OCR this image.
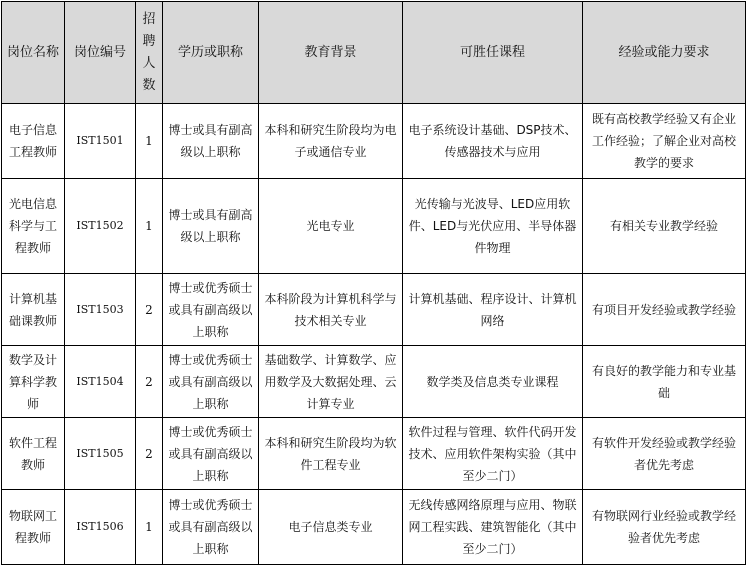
岗位名称	岗位编号	招聘人数	学历或职称	教育背景	可胜任课程	经验或能力要求
电子信息工程教师	IST1501	1	博士或具有副高级以上职称	本科和研究生阶段均为电子或通信专业	电子系统设计基础、DSP技术、传感器技术与应用	既有高校教学经验又有企业工作经验；了解企业对高校教学的要求
光电信息科学与工程教师	IST1502	1	博士或具有副高级以上职称	光电专业	光传输与光波导、LED应用软件、LED与光伏应用、半导体器件物理	有相关专业教学经验
计算机基础课教师	IST1503	2	博士或优秀硕士或具有副高级以上职称	本科阶段为计算机科学与技术相关专业	计算机基础、程序设计、计算机网络	有项目开发经验或教学经验
数学及计算科学教师	IST1504	2	博士或优秀硕士或具有副高级以上职称	基础数学、计算数学、应用数学及大数据处理、云计算专业	数学类及信息类专业课程	有良好的教学能力和专业基础
软件工程教师	IST1505	2	博士或优秀硕士或具有副高级以上职称	本科和研究生阶段均为软件工程专业	软件过程与管理、软件代码开发技术、应用软件架构实验（其中至少二门）	有软件开发经验或教学经验者优先考虑
物联网工程教师	IST1506	1	博士或优秀硕士或具有副高级以上职称	电子信息类专业	无线传感网络原理与应用、物联网工程实践、建筑智能化（其中至少二门）	有物联网行业经验或教学经验者优先考虑
